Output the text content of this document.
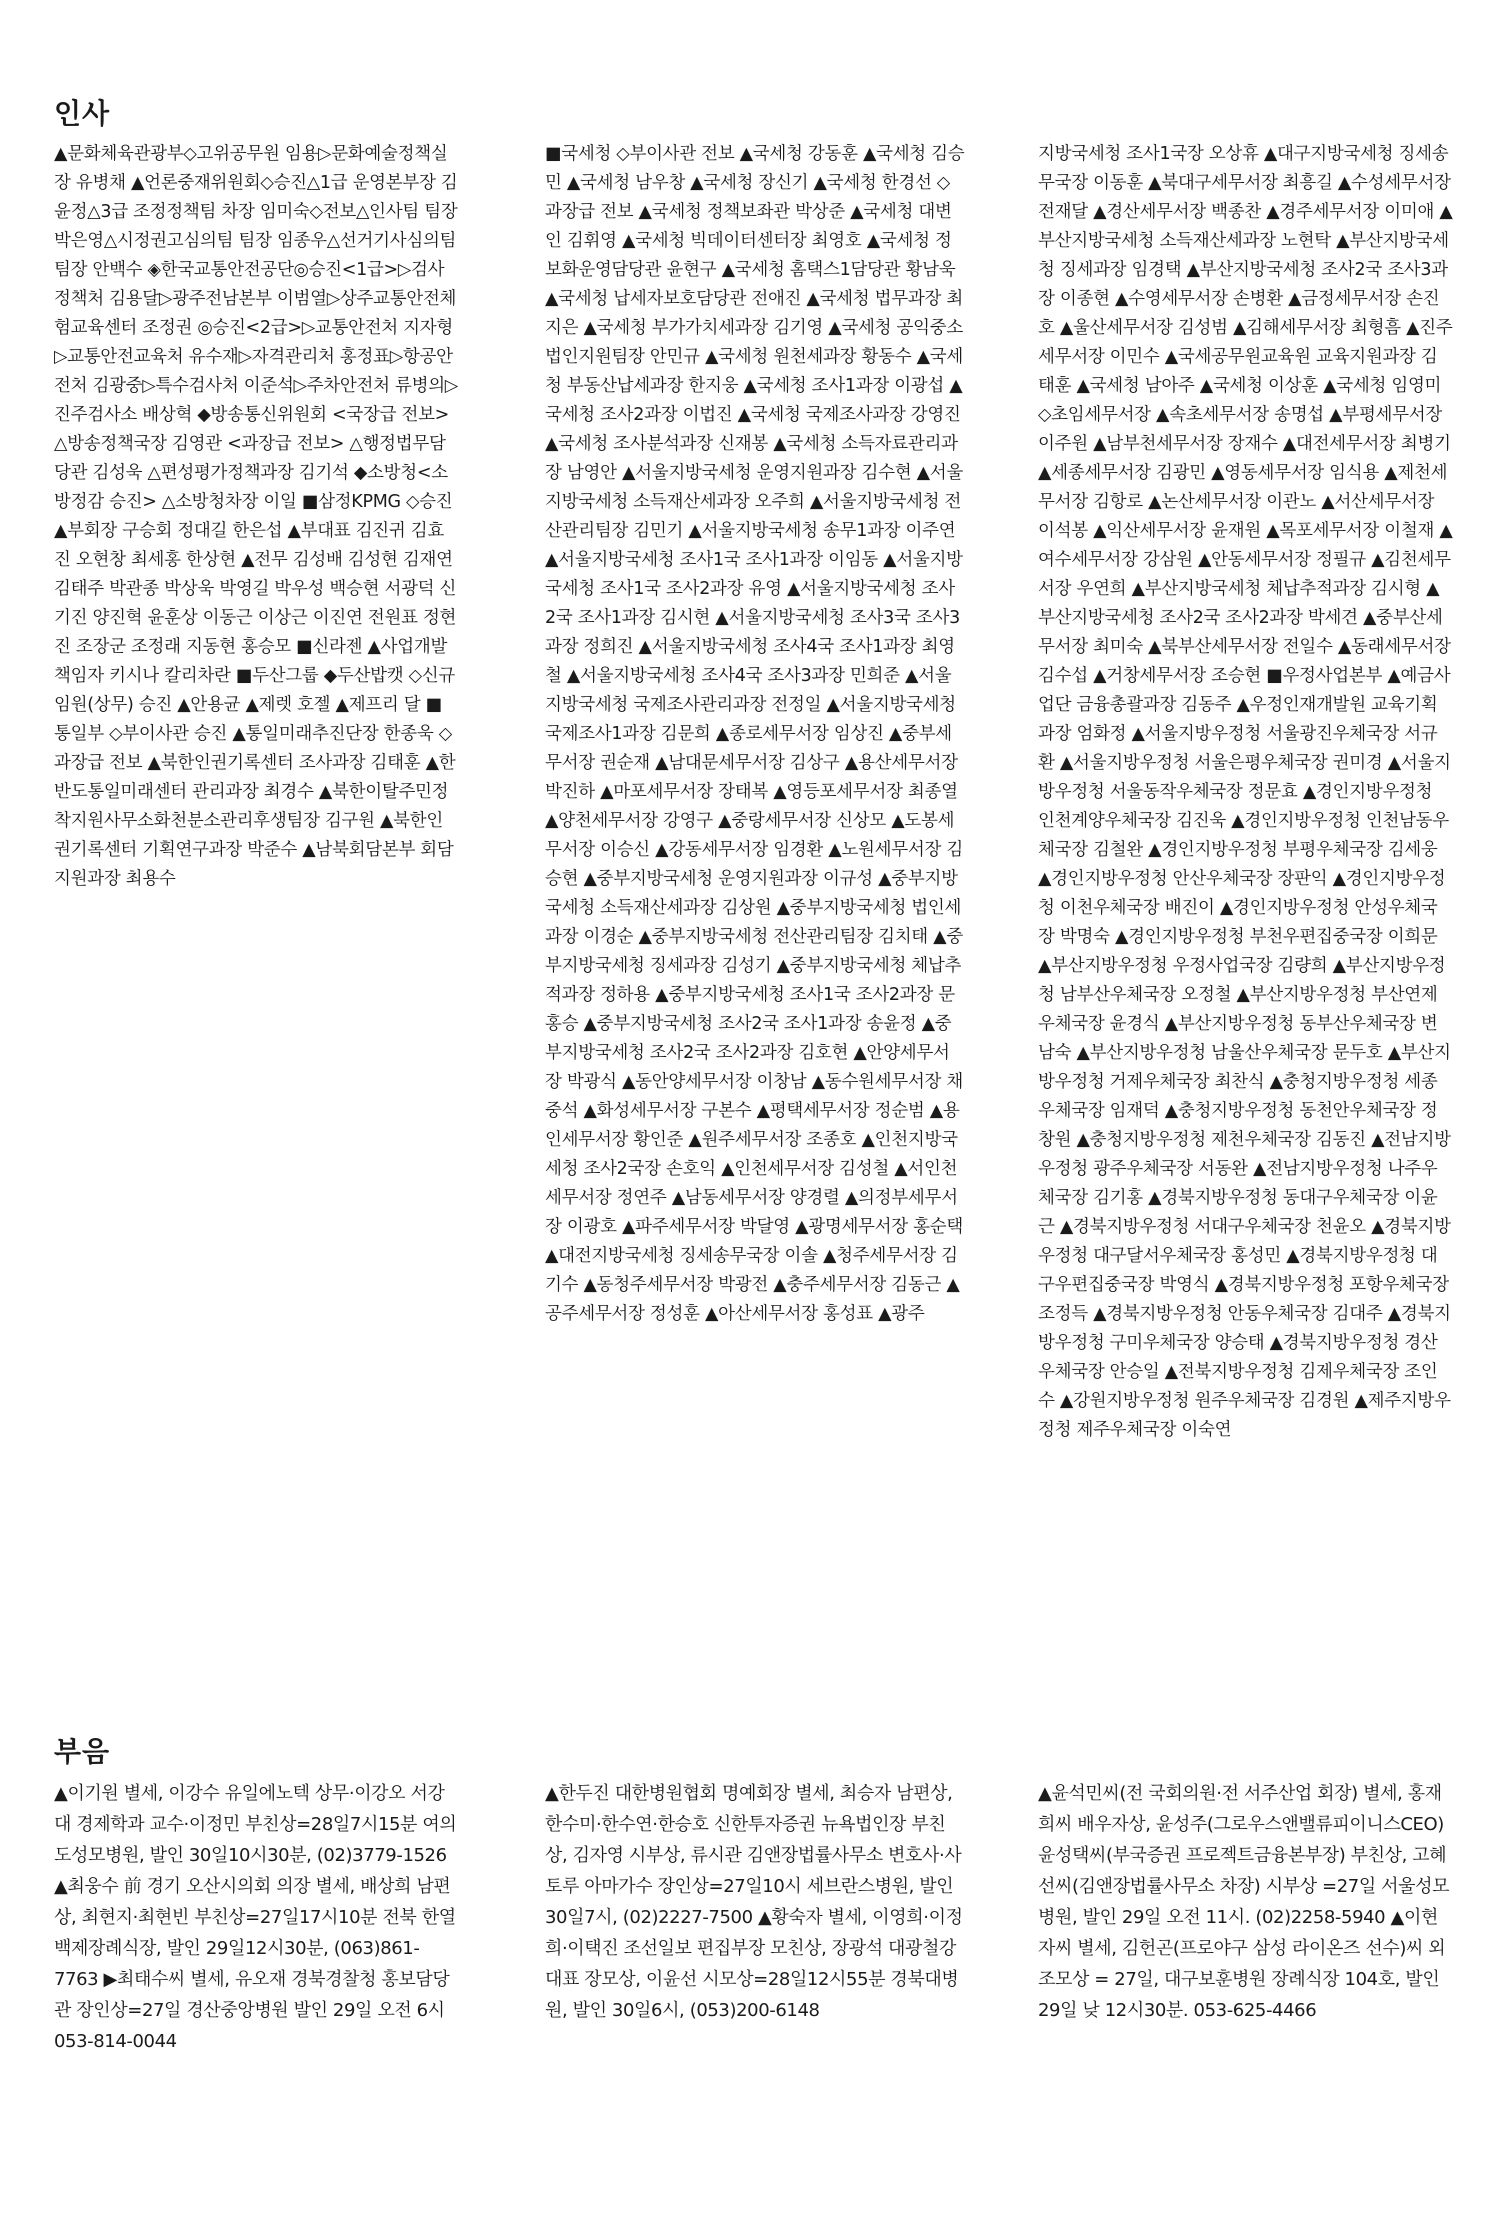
인사

▲문화체육관광부◇고위공무원 임용▷문화예술정책실장 유병채 ▲언론중재위원회◇승진△1급 운영본부장 김윤정△3급 조정정책팀 차장 임미숙◇전보△인사팀 팀장 박은영△시정권고심의팀 팀장 임종우△선거기사심의팀 팀장 안백수 ◈한국교통안전공단◎승진<1급>▷검사정책처 김용달▷광주전남본부 이범열▷상주교통안전체험교육센터 조정권 ◎승진<2급>▷교통안전처 지자형▷교통안전교육처 유수재▷자격관리처 홍정표▷항공안전처 김광중▷특수검사처 이준석▷주차안전처 류병의▷진주검사소 배상혁 ◆방송통신위원회 <국장급 전보> △방송정책국장 김영관 <과장급 전보> △행정법무담당관 김성욱 △편성평가정책과장 김기석 ◆소방청<소방정감 승진> △소방청차장 이일 ■삼정KPMG ◇승진 ▲부회장 구승회 정대길 한은섭 ▲부대표 김진귀 김효진 오현창 최세홍 한상현 ▲전무 김성배 김성현 김재연 김태주 박관종 박상욱 박영길 박우성 백승현 서광덕 신기진 양진혁 윤훈상 이동근 이상근 이진연 전원표 정현진 조장군 조정래 지동현 홍승모 ■신라젠 ▲사업개발 책임자 키시나 칼리차란 ■두산그룹 ◆두산밥캣 ◇신규 임원(상무) 승진 ▲안용균 ▲제렛 호젤 ▲제프리 달 ■통일부 ◇부이사관 승진 ▲통일미래추진단장 한종욱 ◇과장급 전보 ▲북한인권기록센터 조사과장 김태훈 ▲한반도통일미래센터 관리과장 최경수 ▲북한이탈주민정착지원사무소화천분소관리후생팀장 김구원 ▲북한인권기록센터 기획연구과장 박준수 ▲남북회담본부 회담지원과장 최용수

■국세청 ◇부이사관 전보 ▲국세청 강동훈 ▲국세청 김승민 ▲국세청 남우창 ▲국세청 장신기 ▲국세청 한경선 ◇과장급 전보 ▲국세청 정책보좌관 박상준 ▲국세청 대변인 김휘영 ▲국세청 빅데이터센터장 최영호 ▲국세청 정보화운영담당관 윤현구 ▲국세청 홈택스1담당관 황남욱 ▲국세청 납세자보호담당관 전애진 ▲국세청 법무과장 최지은 ▲국세청 부가가치세과장 김기영 ▲국세청 공익중소법인지원팀장 안민규 ▲국세청 원천세과장 황동수 ▲국세청 부동산납세과장 한지웅 ▲국세청 조사1과장 이광섭 ▲국세청 조사2과장 이법진 ▲국세청 국제조사과장 강영진 ▲국세청 조사분석과장 신재봉 ▲국세청 소득자료관리과장 남영안 ▲서울지방국세청 운영지원과장 김수현 ▲서울지방국세청 소득재산세과장 오주희 ▲서울지방국세청 전산관리팀장 김민기 ▲서울지방국세청 송무1과장 이주연 ▲서울지방국세청 조사1국 조사1과장 이임동 ▲서울지방국세청 조사1국 조사2과장 유영 ▲서울지방국세청 조사2국 조사1과장 김시현 ▲서울지방국세청 조사3국 조사3과장 정희진 ▲서울지방국세청 조사4국 조사1과장 최영철 ▲서울지방국세청 조사4국 조사3과장 민희준 ▲서울지방국세청 국제조사관리과장 전정일 ▲서울지방국세청 국제조사1과장 김문희 ▲종로세무서장 임상진 ▲중부세무서장 권순재 ▲남대문세무서장 김상구 ▲용산세무서장 박진하 ▲마포세무서장 장태복 ▲영등포세무서장 최종열 ▲양천세무서장 강영구 ▲중랑세무서장 신상모 ▲도봉세무서장 이승신 ▲강동세무서장 임경환 ▲노원세무서장 김승현 ▲중부지방국세청 운영지원과장 이규성 ▲중부지방국세청 소득재산세과장 김상원 ▲중부지방국세청 법인세과장 이경순 ▲중부지방국세청 전산관리팀장 김치태 ▲중부지방국세청 징세과장 김성기 ▲중부지방국세청 체납추적과장 정하용 ▲중부지방국세청 조사1국 조사2과장 문홍승 ▲중부지방국세청 조사2국 조사1과장 송윤정 ▲중부지방국세청 조사2국 조사2과장 김호현 ▲안양세무서장 박광식 ▲동안양세무서장 이창남 ▲동수원세무서장 채중석 ▲화성세무서장 구본수 ▲평택세무서장 정순범 ▲용인세무서장 황인준 ▲원주세무서장 조종호 ▲인천지방국세청 조사2국장 손호익 ▲인천세무서장 김성철 ▲서인천세무서장 정연주 ▲남동세무서장 양경렬 ▲의정부세무서장 이광호 ▲파주세무서장 박달영 ▲광명세무서장 홍순택 ▲대전지방국세청 징세송무국장 이솔 ▲청주세무서장 김기수 ▲동청주세무서장 박광전 ▲충주세무서장 김동근 ▲공주세무서장 정성훈 ▲아산세무서장 홍성표 ▲광주

지방국세청 조사1국장 오상휴 ▲대구지방국세청 징세송무국장 이동훈 ▲북대구세무서장 최흥길 ▲수성세무서장 전재달 ▲경산세무서장 백종찬 ▲경주세무서장 이미애 ▲부산지방국세청 소득재산세과장 노현탁 ▲부산지방국세청 징세과장 임경택 ▲부산지방국세청 조사2국 조사3과장 이종현 ▲수영세무서장 손병환 ▲금정세무서장 손진호 ▲울산세무서장 김성범 ▲김해세무서장 최형흠 ▲진주세무서장 이민수 ▲국세공무원교육원 교육지원과장 김태훈 ▲국세청 남아주 ▲국세청 이상훈 ▲국세청 임영미 ◇초임세무서장 ▲속초세무서장 송명섭 ▲부평세무서장 이주원 ▲남부천세무서장 장재수 ▲대전세무서장 최병기 ▲세종세무서장 김광민 ▲영동세무서장 임식용 ▲제천세무서장 김항로 ▲논산세무서장 이관노 ▲서산세무서장 이석봉 ▲익산세무서장 윤재원 ▲목포세무서장 이철재 ▲여수세무서장 강삼원 ▲안동세무서장 정필규 ▲김천세무서장 우연희 ▲부산지방국세청 체납추적과장 김시형 ▲부산지방국세청 조사2국 조사2과장 박세견 ▲중부산세무서장 최미숙 ▲북부산세무서장 전일수 ▲동래세무서장 김수섭 ▲거창세무서장 조승현 ■우정사업본부 ▲예금사업단 금융총괄과장 김동주 ▲우정인재개발원 교육기획과장 엄화정 ▲서울지방우정청 서울광진우체국장 서규환 ▲서울지방우정청 서울은평우체국장 권미경 ▲서울지방우정청 서울동작우체국장 정문효 ▲경인지방우정청 인천계양우체국장 김진욱 ▲경인지방우정청 인천남동우체국장 김철완 ▲경인지방우정청 부평우체국장 김세웅 ▲경인지방우정청 안산우체국장 장판익 ▲경인지방우정청 이천우체국장 배진이 ▲경인지방우정청 안성우체국장 박명숙 ▲경인지방우정청 부천우편집중국장 이희문 ▲부산지방우정청 우정사업국장 김량희 ▲부산지방우정청 남부산우체국장 오정철 ▲부산지방우정청 부산연제우체국장 윤경식 ▲부산지방우정청 동부산우체국장 변남숙 ▲부산지방우정청 남울산우체국장 문두호 ▲부산지방우정청 거제우체국장 최찬식 ▲충청지방우정청 세종우체국장 임재덕 ▲충청지방우정청 동천안우체국장 정창원 ▲충청지방우정청 제천우체국장 김동진 ▲전남지방우정청 광주우체국장 서동완 ▲전남지방우정청 나주우체국장 김기홍 ▲경북지방우정청 동대구우체국장 이윤근 ▲경북지방우정청 서대구우체국장 천윤오 ▲경북지방우정청 대구달서우체국장 홍성민 ▲경북지방우정청 대구우편집중국장 박영식 ▲경북지방우정청 포항우체국장 조정득 ▲경북지방우정청 안동우체국장 김대주 ▲경북지방우정청 구미우체국장 양승태 ▲경북지방우정청 경산우체국장 안승일 ▲전북지방우정청 김제우체국장 조인수 ▲강원지방우정청 원주우체국장 김경원 ▲제주지방우정청 제주우체국장 이숙연

부음

▲이기원 별세, 이강수 유일에노텍 상무·이강오 서강대 경제학과 교수·이정민 부친상=28일7시15분 여의도성모병원, 발인 30일10시30분, (02)3779-1526 ▲최웅수 前 경기 오산시의회 의장 별세, 배상희 남편상, 최현지·최현빈 부친상=27일17시10분 전북 한열백제장례식장, 발인 29일12시30분, (063)861-7763 ▶최태수씨 별세, 유오재 경북경찰청 홍보담당관 장인상=27일 경산중앙병원 발인 29일 오전 6시 053-814-0044

▲한두진 대한병원협회 명예회장 별세, 최승자 남편상, 한수미·한수연·한승호 신한투자증권 뉴욕법인장 부친상, 김자영 시부상, 류시관 김앤장법률사무소 변호사·사토루 아마가수 장인상=27일10시 세브란스병원, 발인 30일7시, (02)2227-7500 ▲황숙자 별세, 이영희·이정희·이택진 조선일보 편집부장 모친상, 장광석 대광철강 대표 장모상, 이윤선 시모상=28일12시55분 경북대병원, 발인 30일6시, (053)200-6148

▲윤석민씨(전 국회의원·전 서주산업 회장) 별세, 홍재희씨 배우자상, 윤성주(그로우스앤밸류피이니스CEO) 윤성택씨(부국증권 프로젝트금융본부장) 부친상, 고혜선씨(김앤장법률사무소 차장) 시부상 =27일 서울성모병원, 발인 29일 오전 11시. (02)2258-5940 ▲이현자씨 별세, 김헌곤(프로야구 삼성 라이온즈 선수)씨 외조모상 = 27일, 대구보훈병원 장례식장 104호, 발인 29일 낮 12시30분. 053-625-4466
